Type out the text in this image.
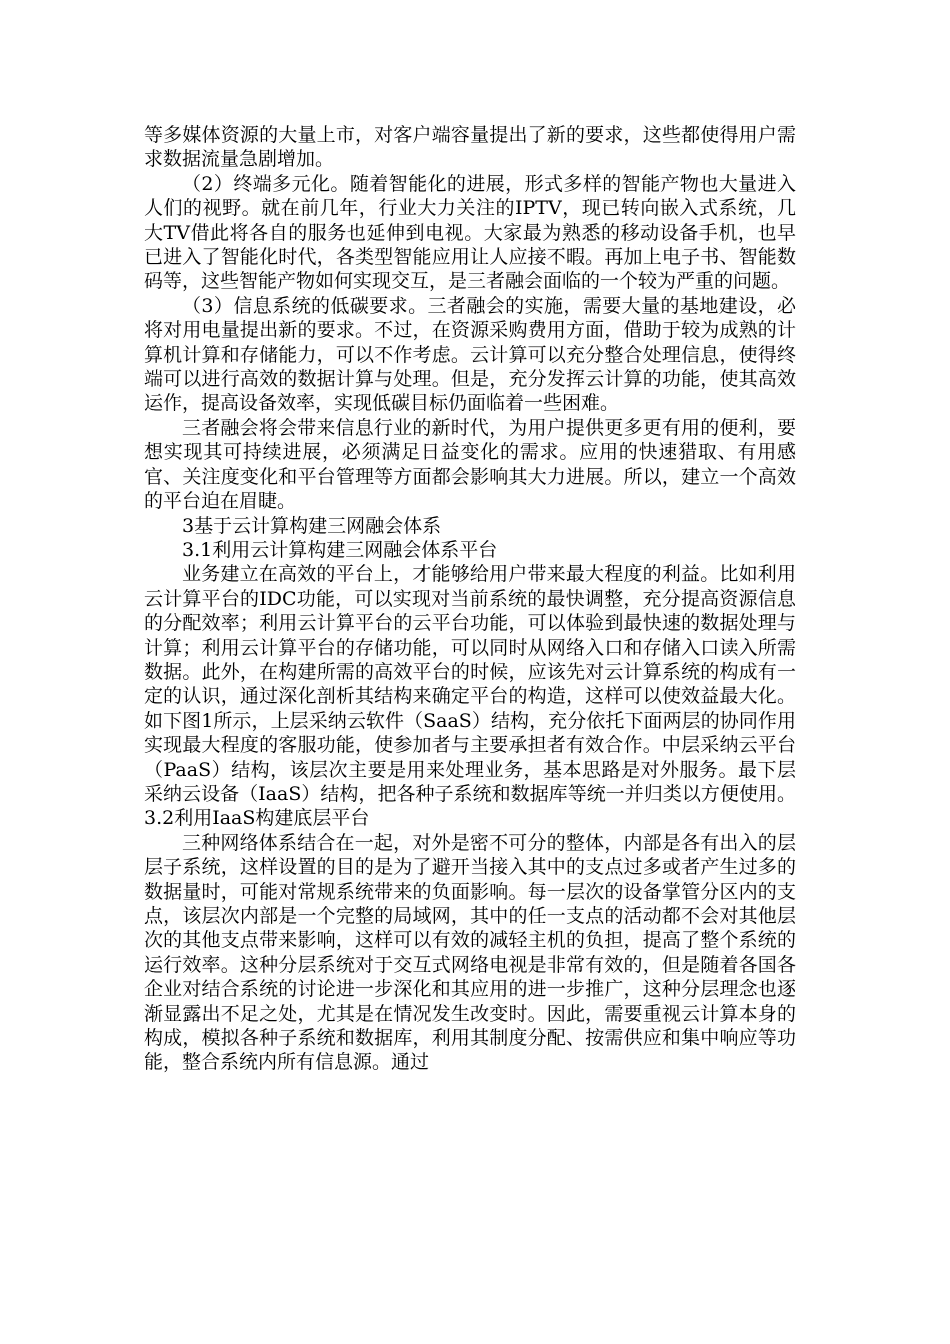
等多媒体资源的大量上市，对客户端容量提出了新的要求，这些都使得用户需求数据流量急剧增加。

（2）终端多元化。随着智能化的进展，形式多样的智能产物也大量进入人们的视野。就在前几年，行业大力关注的IPTV，现已转向嵌入式系统，几大TV借此将各自的服务也延伸到电视。大家最为熟悉的移动设备手机，也早已进入了智能化时代，各类型智能应用让人应接不暇。再加上电子书、智能数码等，这些智能产物如何实现交互，是三者融会面临的一个较为严重的问题。

（3）信息系统的低碳要求。三者融会的实施，需要大量的基地建设，必将对用电量提出新的要求。不过，在资源采购费用方面，借助于较为成熟的计算机计算和存储能力，可以不作考虑。云计算可以充分整合处理信息，使得终端可以进行高效的数据计算与处理。但是，充分发挥云计算的功能，使其高效运作，提高设备效率，实现低碳目标仍面临着一些困难。

三者融会将会带来信息行业的新时代，为用户提供更多更有用的便利，要想实现其可持续进展，必须满足日益变化的需求。应用的快速猎取、有用感官、关注度变化和平台管理等方面都会影响其大力进展。所以，建立一个高效的平台迫在眉睫。

3基于云计算构建三网融会体系

3.1利用云计算构建三网融会体系平台

业务建立在高效的平台上，才能够给用户带来最大程度的利益。比如利用云计算平台的IDC功能，可以实现对当前系统的最快调整，充分提高资源信息的分配效率；利用云计算平台的云平台功能，可以体验到最快速的数据处理与计算；利用云计算平台的存储功能，可以同时从网络入口和存储入口读入所需数据。此外，在构建所需的高效平台的时候，应该先对云计算系统的构成有一定的认识，通过深化剖析其结构来确定平台的构造，这样可以使效益最大化。如下图1所示，上层采纳云软件（SaaS）结构，充分依托下面两层的协同作用实现最大程度的客服功能，使参加者与主要承担者有效合作。中层采纳云平台（PaaS）结构，该层次主要是用来处理业务，基本思路是对外服务。最下层采纳云设备（IaaS）结构，把各种子系统和数据库等统一并归类以方便使用。3.2利用IaaS构建底层平台

三种网络体系结合在一起，对外是密不可分的整体，内部是各有出入的层层子系统，这样设置的目的是为了避开当接入其中的支点过多或者产生过多的数据量时，可能对常规系统带来的负面影响。每一层次的设备掌管分区内的支点，该层次内部是一个完整的局域网，其中的任一支点的活动都不会对其他层次的其他支点带来影响，这样可以有效的减轻主机的负担，提高了整个系统的运行效率。这种分层系统对于交互式网络电视是非常有效的，但是随着各国各企业对结合系统的讨论进一步深化和其应用的进一步推广，这种分层理念也逐渐显露出不足之处，尤其是在情况发生改变时。因此，需要重视云计算本身的构成，模拟各种子系统和数据库，利用其制度分配、按需供应和集中响应等功能，整合系统内所有信息源。通过
